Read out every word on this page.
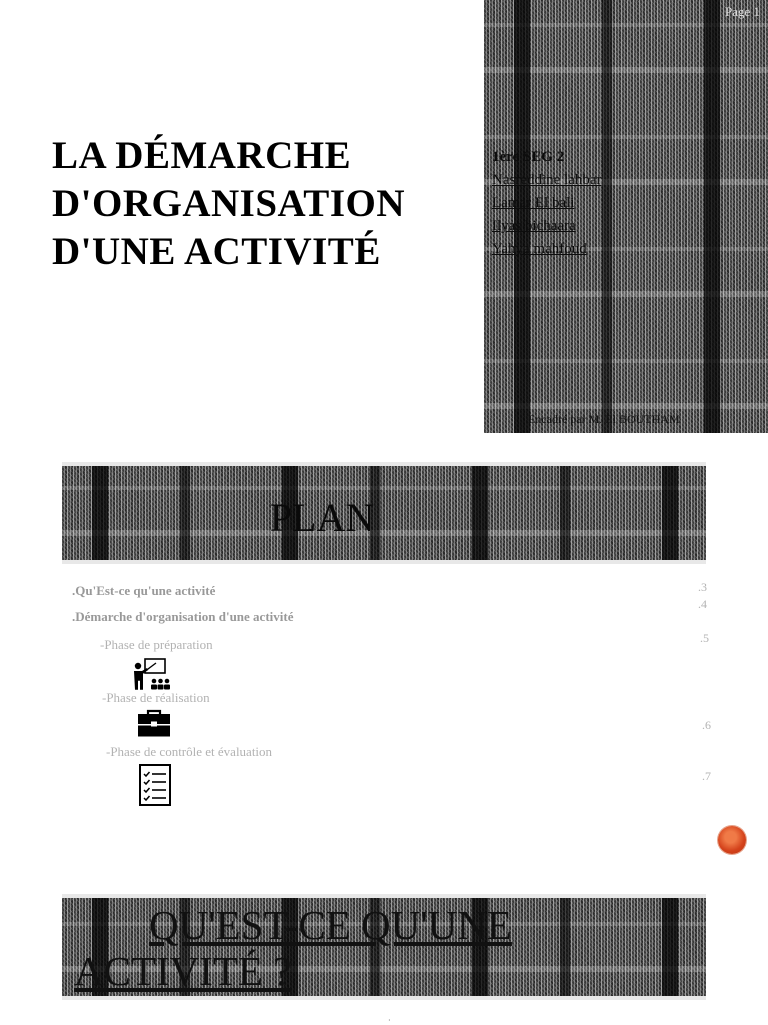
LA DÉMARCHE D'ORGANISATION D'UNE ACTIVITÉ
Page 1
1ère SEG 2
Nasreddine lahbar
Lamar El bali
Ilyas bichaara
Yahya mahfoud
Encadré par M. El BOUTHAM
PLAN
.Qu'Est-ce qu'une activité	.3
.4
.Démarche d'organisation d'une activité
-Phase de préparation	.5
-Phase de réalisation
.6
-Phase de contrôle et évaluation
.7
QU'EST-CE QU'UNE ACTIVITÉ ?
·
